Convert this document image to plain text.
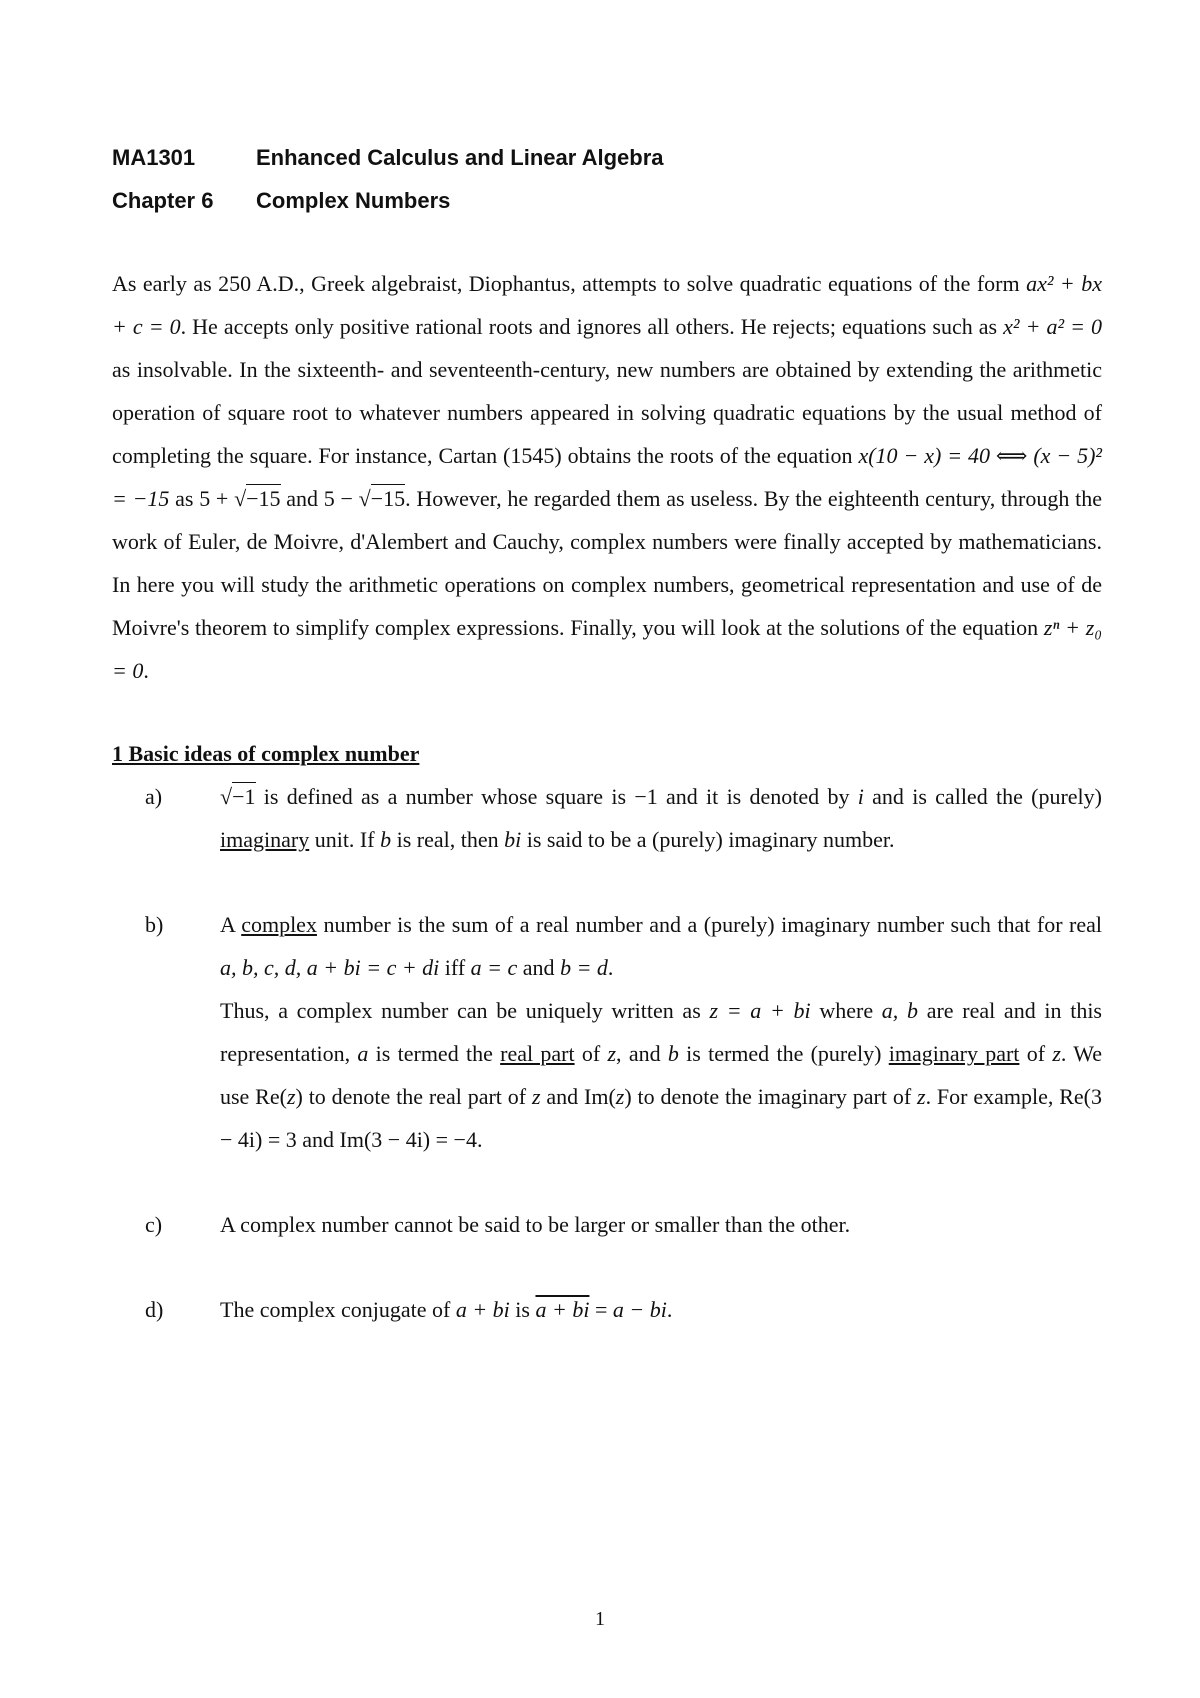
MA1301	Enhanced Calculus and Linear Algebra
Chapter 6	Complex Numbers

As early as 250 A.D., Greek algebraist, Diophantus, attempts to solve quadratic equations of the form ax² + bx + c = 0. He accepts only positive rational roots and ignores all others. He rejects; equations such as x² + a² = 0 as insolvable. In the sixteenth- and seventeenth-century, new numbers are obtained by extending the arithmetic operation of square root to whatever numbers appeared in solving quadratic equations by the usual method of completing the square. For instance, Cartan (1545) obtains the roots of the equation x(10 − x) = 40 ⟺ (x − 5)² = −15 as 5 + √−15 and 5 − √−15. However, he regarded them as useless. By the eighteenth century, through the work of Euler, de Moivre, d'Alembert and Cauchy, complex numbers were finally accepted by mathematicians. In here you will study the arithmetic operations on complex numbers, geometrical representation and use of de Moivre's theorem to simplify complex expressions. Finally, you will look at the solutions of the equation zⁿ + z₀ = 0.

1 Basic ideas of complex number
a)	√−1 is defined as a number whose square is −1 and it is denoted by i and is called the (purely) imaginary unit. If b is real, then bi is said to be a (purely) imaginary number.
b)	A complex number is the sum of a real number and a (purely) imaginary number such that for real a, b, c, d, a + bi = c + di iff a = c and b = d.
Thus, a complex number can be uniquely written as z = a + bi where a, b are real and in this representation, a is termed the real part of z, and b is termed the (purely) imaginary part of z. We use Re(z) to denote the real part of z and Im(z) to denote the imaginary part of z. For example, Re(3 − 4i) = 3 and Im(3 − 4i) = −4.
c)	A complex number cannot be said to be larger or smaller than the other.
d)	The complex conjugate of a + bi is a + bi = a − bi.
1
